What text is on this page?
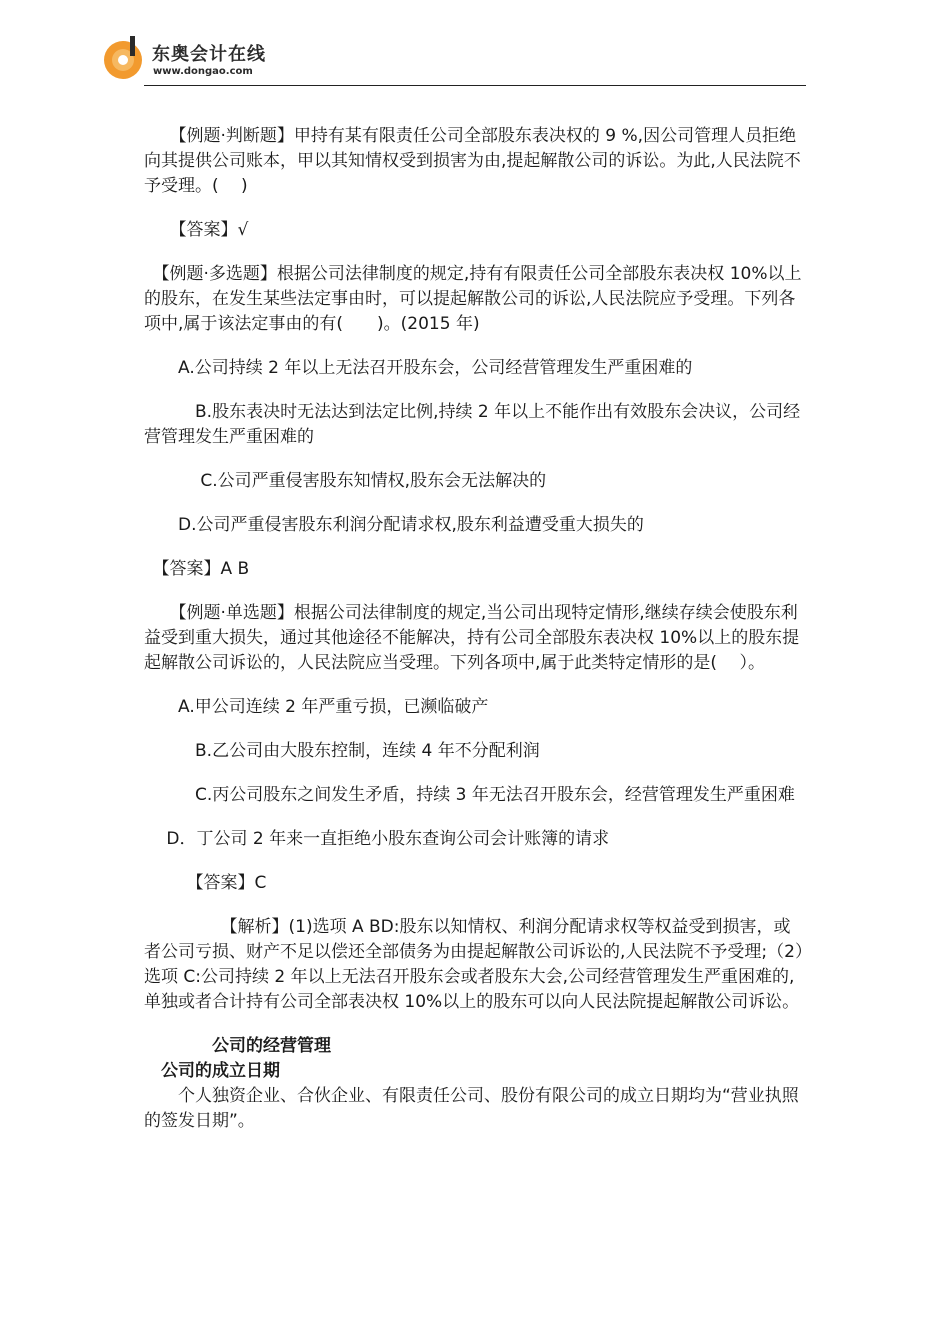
东奥会计在线
www.dongao.com

　　【例题·判断题】甲持有某有限责任公司全部股东表决权的 9 %,因公司管理人员拒绝向其提供公司账本，甲以其知情权受到损害为由,提起解散公司的诉讼。为此,人民法院不予受理。(　 )

　　【答案】√

　【例题·多选题】根据公司法律制度的规定,持有有限责任公司全部股东表决权 10%以上的股东，在发生某些法定事由时，可以提起解散公司的诉讼,人民法院应予受理。下列各项中,属于该法定事由的有(　　)。(2015 年)

　　A.公司持续 2 年以上无法召开股东会，公司经营管理发生严重困难的

　　　B.股东表决时无法达到法定比例,持续 2 年以上不能作出有效股东会决议，公司经营管理发生严重困难的

　　　 C.公司严重侵害股东知情权,股东会无法解决的

　　D.公司严重侵害股东利润分配请求权,股东利益遭受重大损失的

　【答案】A B

　　【例题·单选题】根据公司法律制度的规定,当公司出现特定情形,继续存续会使股东利益受到重大损失，通过其他途径不能解决，持有公司全部股东表决权 10%以上的股东提起解散公司诉讼的，人民法院应当受理。下列各项中,属于此类特定情形的是(　 ）。

　　A.甲公司连续 2 年严重亏损，已濒临破产

　　　B.乙公司由大股东控制，连续 4 年不分配利润

　　　C.丙公司股东之间发生矛盾，持续 3 年无法召开股东会，经营管理发生严重困难

　 D．丁公司 2 年来一直拒绝小股东查询公司会计账簿的请求

　　　【答案】C

　　　　　【解析】(1)选项 A BD:股东以知情权、利润分配请求权等权益受到损害，或者公司亏损、财产不足以偿还全部债务为由提起解散公司诉讼的,人民法院不予受理;（2）选项 C:公司持续 2 年以上无法召开股东会或者股东大会,公司经营管理发生严重困难的,单独或者合计持有公司全部表决权 10%以上的股东可以向人民法院提起解散公司诉讼。

　　　　公司的经营管理

　公司的成立日期

　　个人独资企业、合伙企业、有限责任公司、股份有限公司的成立日期均为“营业执照的签发日期”。
